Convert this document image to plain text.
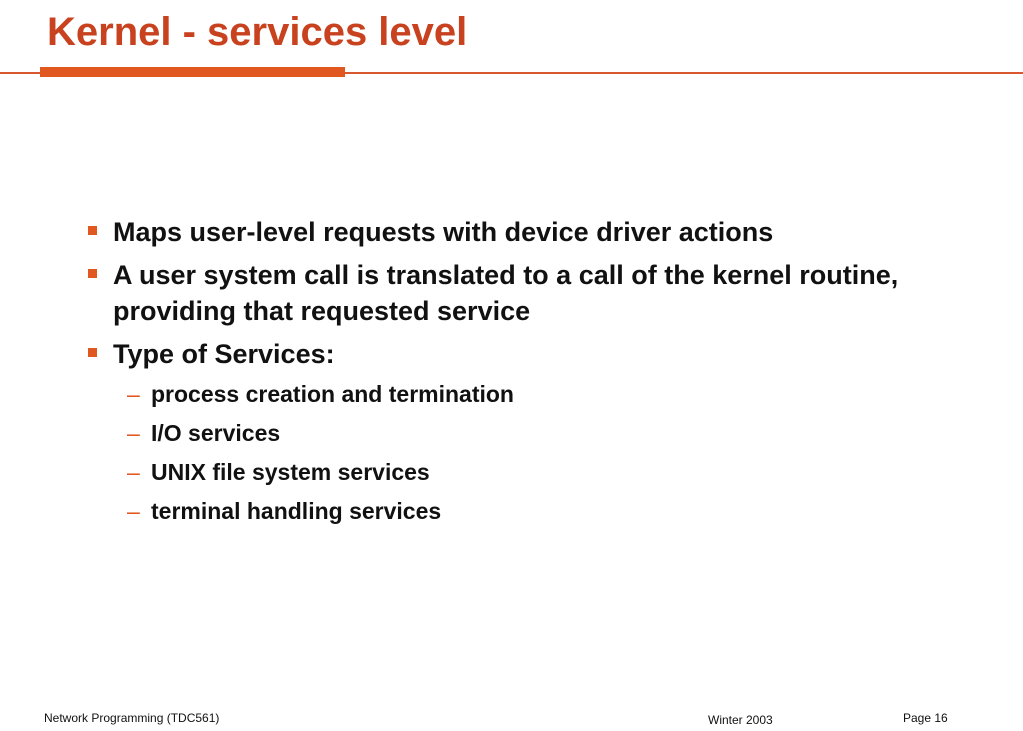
Kernel - services level
Maps user-level requests with device driver actions
A user system call is translated to a call of the kernel routine, providing that requested service
Type of Services:
– process creation and termination
– I/O services
– UNIX file system services
– terminal handling services
Network Programming (TDC561)	Winter 2003	Page 16
